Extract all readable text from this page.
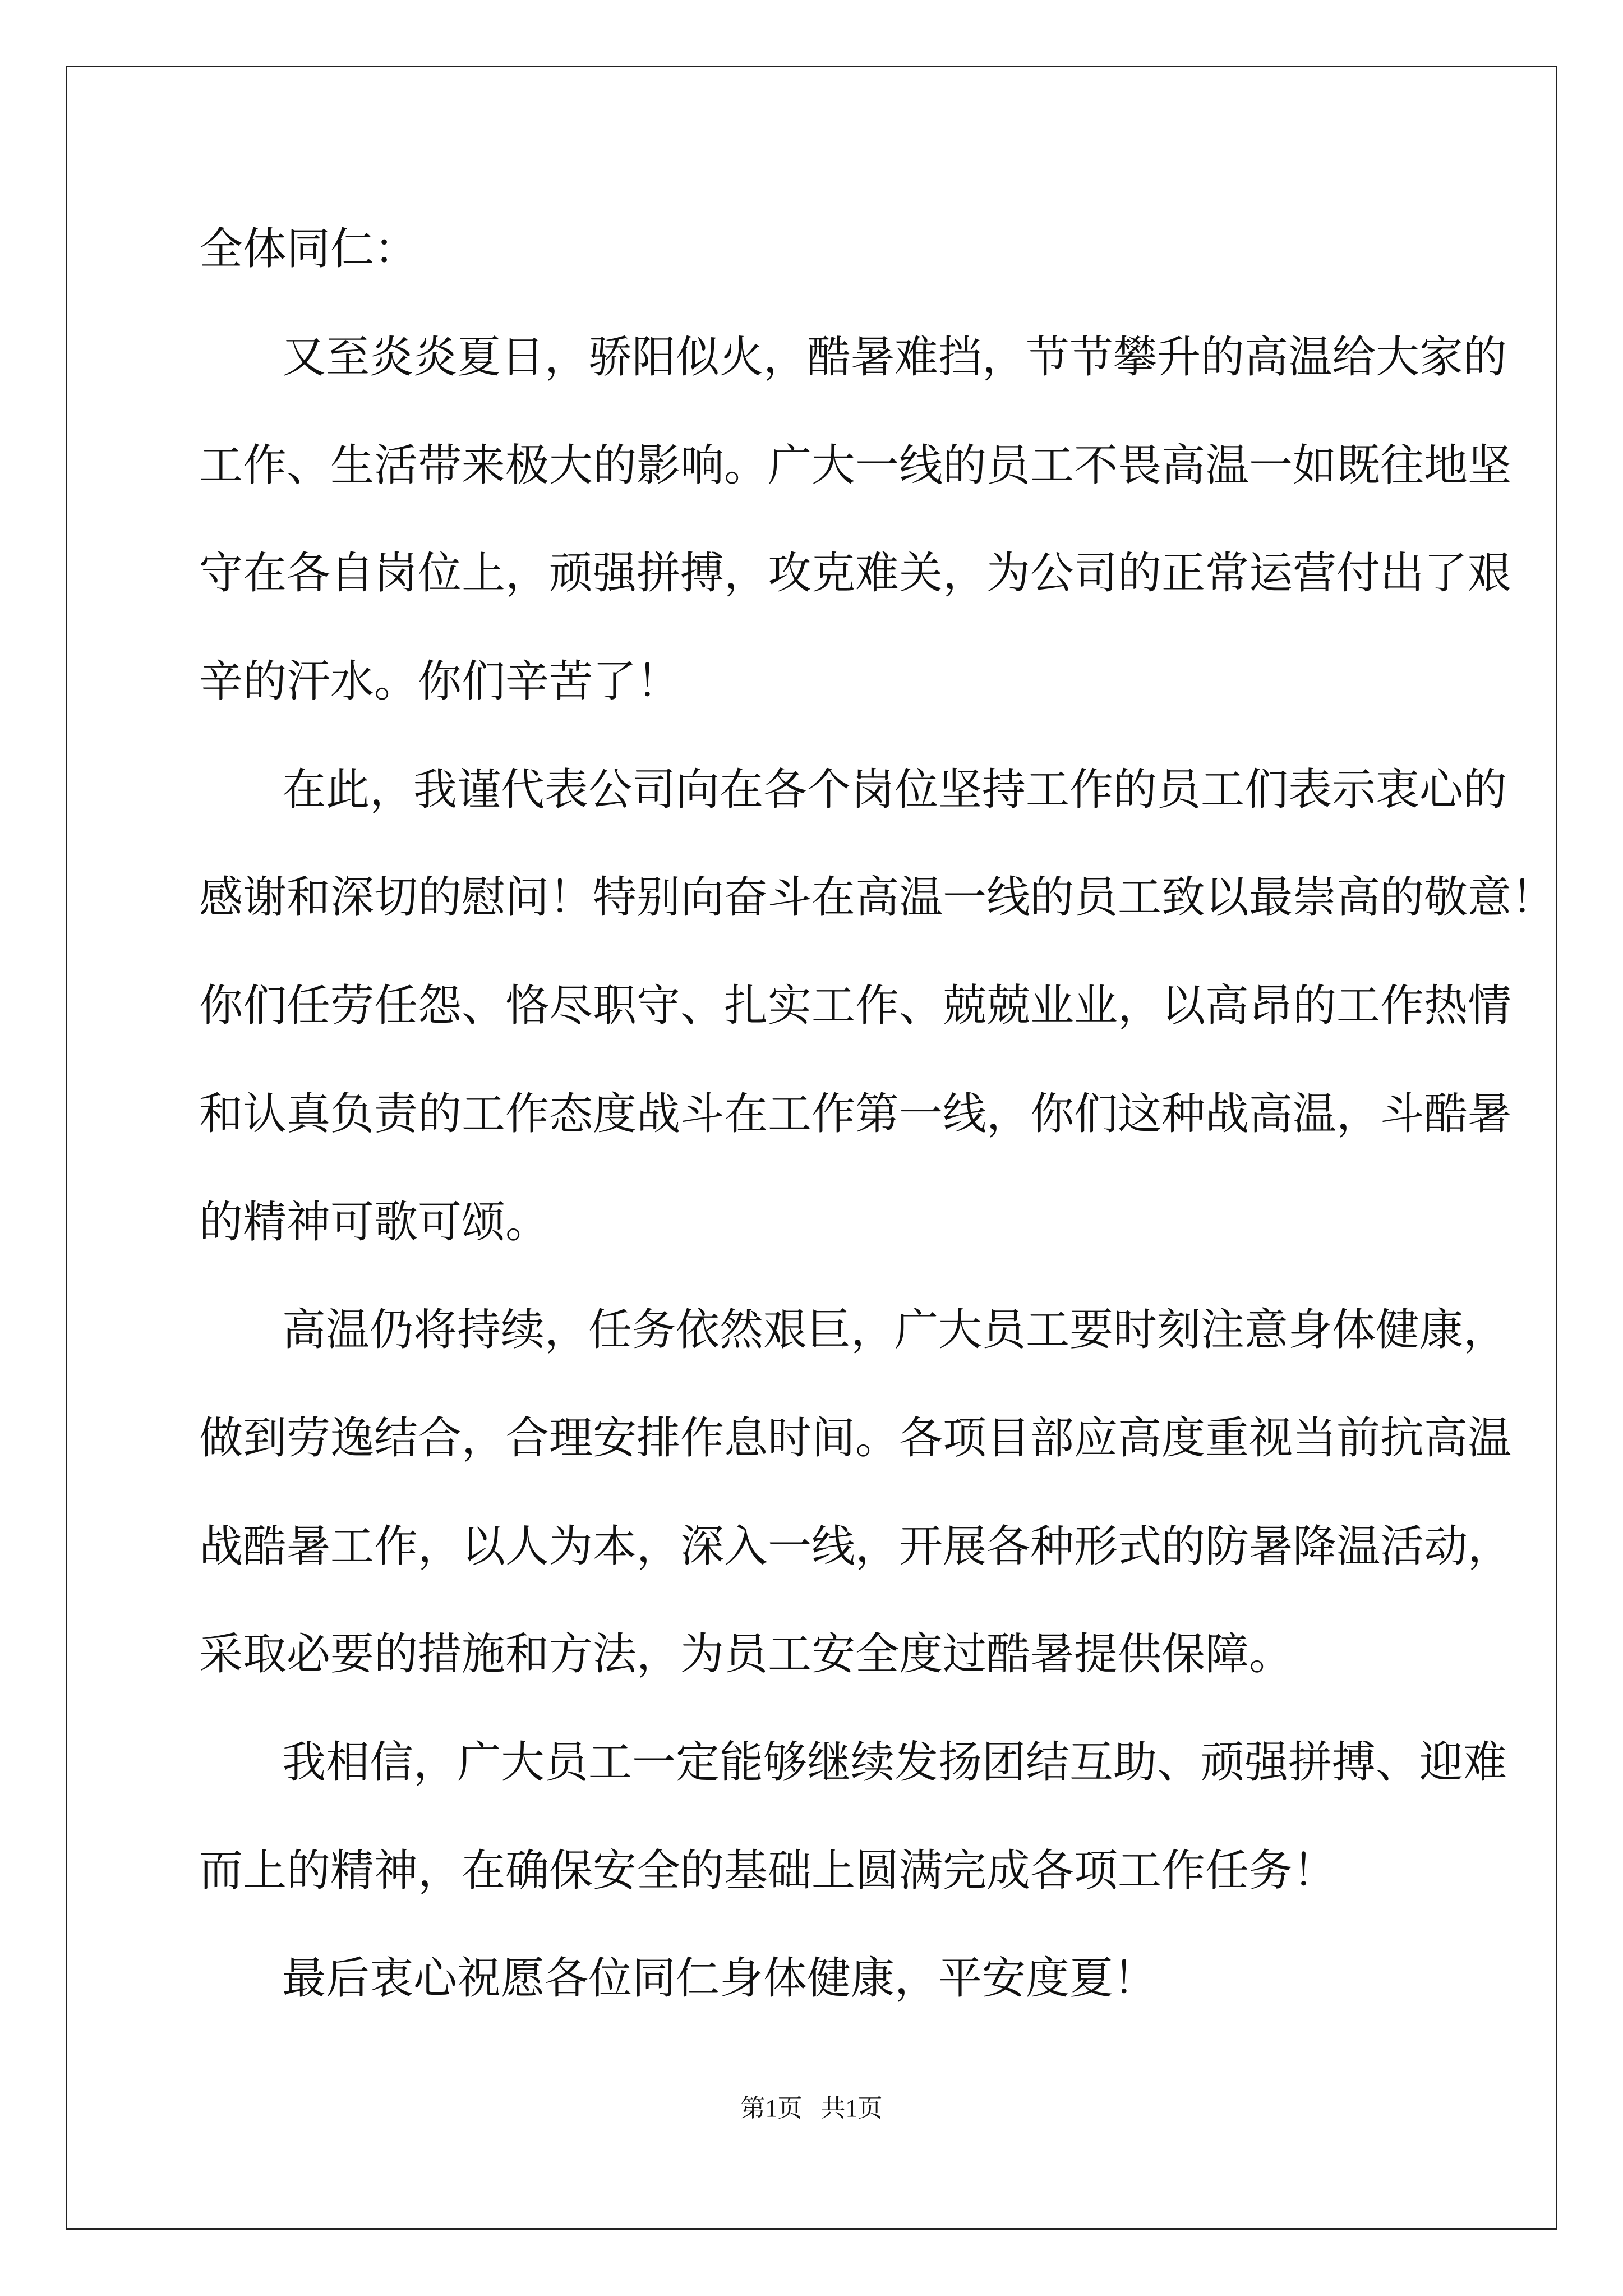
全体同仁：
又至炎炎夏日，骄阳似火，酷暑难挡，节节攀升的高温给大家的
工作、生活带来极大的影响。广大一线的员工不畏高温一如既往地坚
守在各自岗位上，顽强拼搏，攻克难关，为公司的正常运营付出了艰
辛的汗水。你们辛苦了！
在此，我谨代表公司向在各个岗位坚持工作的员工们表示衷心的
感谢和深切的慰问！特别向奋斗在高温一线的员工致以最崇高的敬意！
你们任劳任怨、恪尽职守、扎实工作、兢兢业业，以高昂的工作热情
和认真负责的工作态度战斗在工作第一线，你们这种战高温，斗酷暑
的精神可歌可颂。
高温仍将持续，任务依然艰巨，广大员工要时刻注意身体健康，
做到劳逸结合，合理安排作息时间。各项目部应高度重视当前抗高温
战酷暑工作，以人为本，深入一线，开展各种形式的防暑降温活动，
采取必要的措施和方法，为员工安全度过酷暑提供保障。
我相信，广大员工一定能够继续发扬团结互助、顽强拼搏、迎难
而上的精神，在确保安全的基础上圆满完成各项工作任务！
最后衷心祝愿各位同仁身体健康，平安度夏！
第1页   共1页
